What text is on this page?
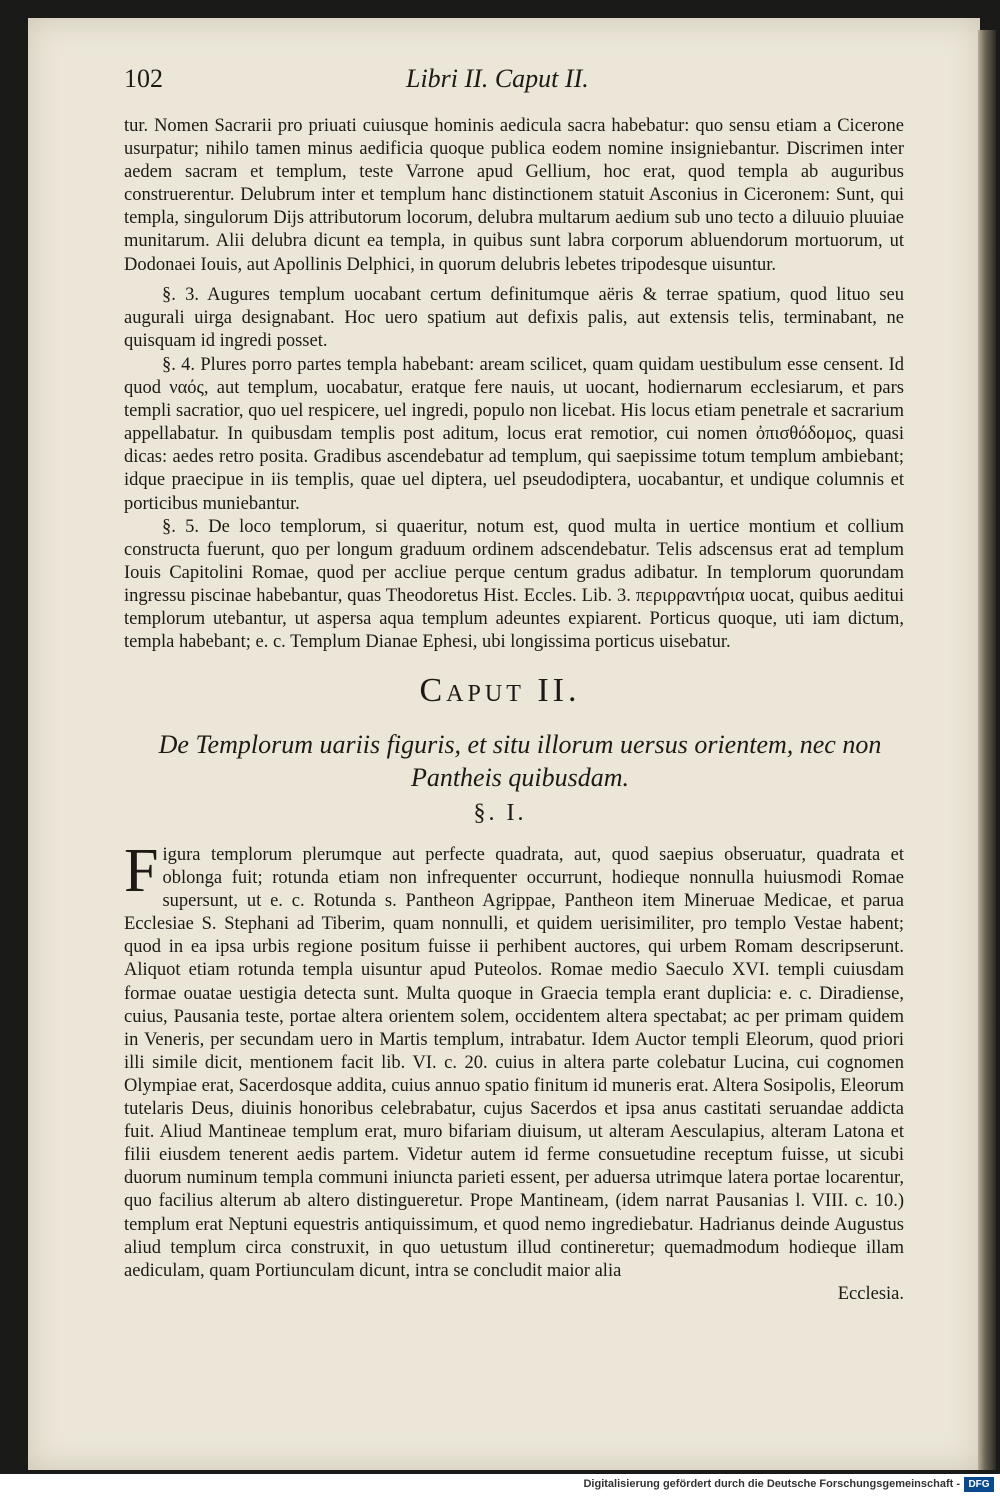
102	Libri II. Caput II.
tur. Nomen Sacrarii pro priuati cuiusque hominis aedicula sacra habebatur: quo sensu etiam a Cicerone usurpatur; nihilo tamen minus aedificia quoque publica eodem nomine insigniebantur. Discrimen inter aedem sacram et templum, teste Varrone apud Gellium, hoc erat, quod templa ab auguribus construerentur. Delubrum inter et templum hanc distinctionem statuit Asconius in Ciceronem: Sunt, qui templa, singulorum Dijs attributorum locorum, delubra multarum aedium sub uno tecto a diluuio pluuiae munitarum. Alii delubra dicunt ea templa, in quibus sunt labra corporum abluendorum mortuorum, ut Dodonaei Iouis, aut Apollinis Delphici, in quorum delubris lebetes tripodesque uisuntur.
§. 3. Augures templum uocabant certum definitumque aëris & terrae spatium, quod lituo seu augurali uirga designabant. Hoc uero spatium aut defixis palis, aut extensis telis, terminabant, ne quisquam id ingredi posset.
§. 4. Plures porro partes templa habebant: aream scilicet, quam quidam uestibulum esse censent. Id quod ναός, aut templum, uocabatur, eratque fere nauis, ut uocant, hodiernarum ecclesiarum, et pars templi sacratior, quo uel respicere, uel ingredi, populo non licebat. His locus etiam penetrale et sacrarium appellabatur. In quibusdam templis post aditum, locus erat remotior, cui nomen ὀπισθόδομος, quasi dicas: aedes retro posita. Gradibus ascendebatur ad templum, qui saepissime totum templum ambiebant; idque praecipue in iis templis, quae uel diptera, uel pseudodiptera, uocabantur, et undique columnis et porticibus muniebantur.
§. 5. De loco templorum, si quaeritur, notum est, quod multa in uertice montium et collium constructa fuerunt, quo per longum graduum ordinem adscendebatur. Telis adscensus erat ad templum Iouis Capitolini Romae, quod per accliue perque centum gradus adibatur. In templorum quorundam ingressu piscinae habebantur, quas Theodoretus Hist. Eccles. Lib. 3. περιρραντήρια uocat, quibus aeditui templorum utebantur, ut aspersa aqua templum adeuntes expiarent. Porticus quoque, uti iam dictum, templa habebant; e. c. Templum Dianae Ephesi, ubi longissima porticus uisebatur.
Caput II.
De Templorum uariis figuris, et situ illorum uersus orientem, nec non Pantheis quibusdam.
§. I.
Figura templorum plerumque aut perfecte quadrata, aut, quod saepius obseruatur, quadrata et oblonga fuit; rotunda etiam non infrequenter occurrunt, hodieque nonnulla huiusmodi Romae supersunt, ut e. c. Rotunda s. Pantheon Agrippae, Pantheon item Mineruae Medicae, et parua Ecclesiae S. Stephani ad Tiberim, quam nonnulli, et quidem uerisimiliter, pro templo Vestae habent; quod in ea ipsa urbis regione positum fuisse ii perhibent auctores, qui urbem Romam descripserunt. Aliquot etiam rotunda templa uisuntur apud Puteolos. Romae medio Saeculo XVI. templi cuiusdam formae ouatae uestigia detecta sunt. Multa quoque in Graecia templa erant duplicia: e. c. Diradiense, cuius, Pausania teste, portae altera orientem solem, occidentem altera spectabat; ac per primam quidem in Veneris, per secundam uero in Martis templum, intrabatur. Idem Auctor templi Eleorum, quod priori illi simile dicit, mentionem facit lib. VI. c. 20. cuius in altera parte colebatur Lucina, cui cognomen Olympiae erat, Sacerdosque addita, cuius annuo spatio finitum id muneris erat. Altera Sosipolis, Eleorum tutelaris Deus, diuinis honoribus celebrabatur, cujus Sacerdos et ipsa anus castitati seruandae addicta fuit. Aliud Mantineae templum erat, muro bifariam diuisum, ut alteram Aesculapius, alteram Latona et filii eiusdem tenerent aedis partem. Videtur autem id ferme consuetudine receptum fuisse, ut sicubi duorum numinum templa communi iniuncta parieti essent, per aduersa utrimque latera portae locarentur, quo facilius alterum ab altero distingueretur. Prope Mantineam, (idem narrat Pausanias l. VIII. c. 10.) templum erat Neptuni equestris antiquissimum, et quod nemo ingrediebatur. Hadrianus deinde Augustus aliud templum circa construxit, in quo uetustum illud contineretur; quemadmodum hodieque illam aediculam, quam Portiunculam dicunt, intra se concludit maior alia
Ecclesia.
Digitalisierung gefördert durch die Deutsche Forschungsgemeinschaft - DFG
